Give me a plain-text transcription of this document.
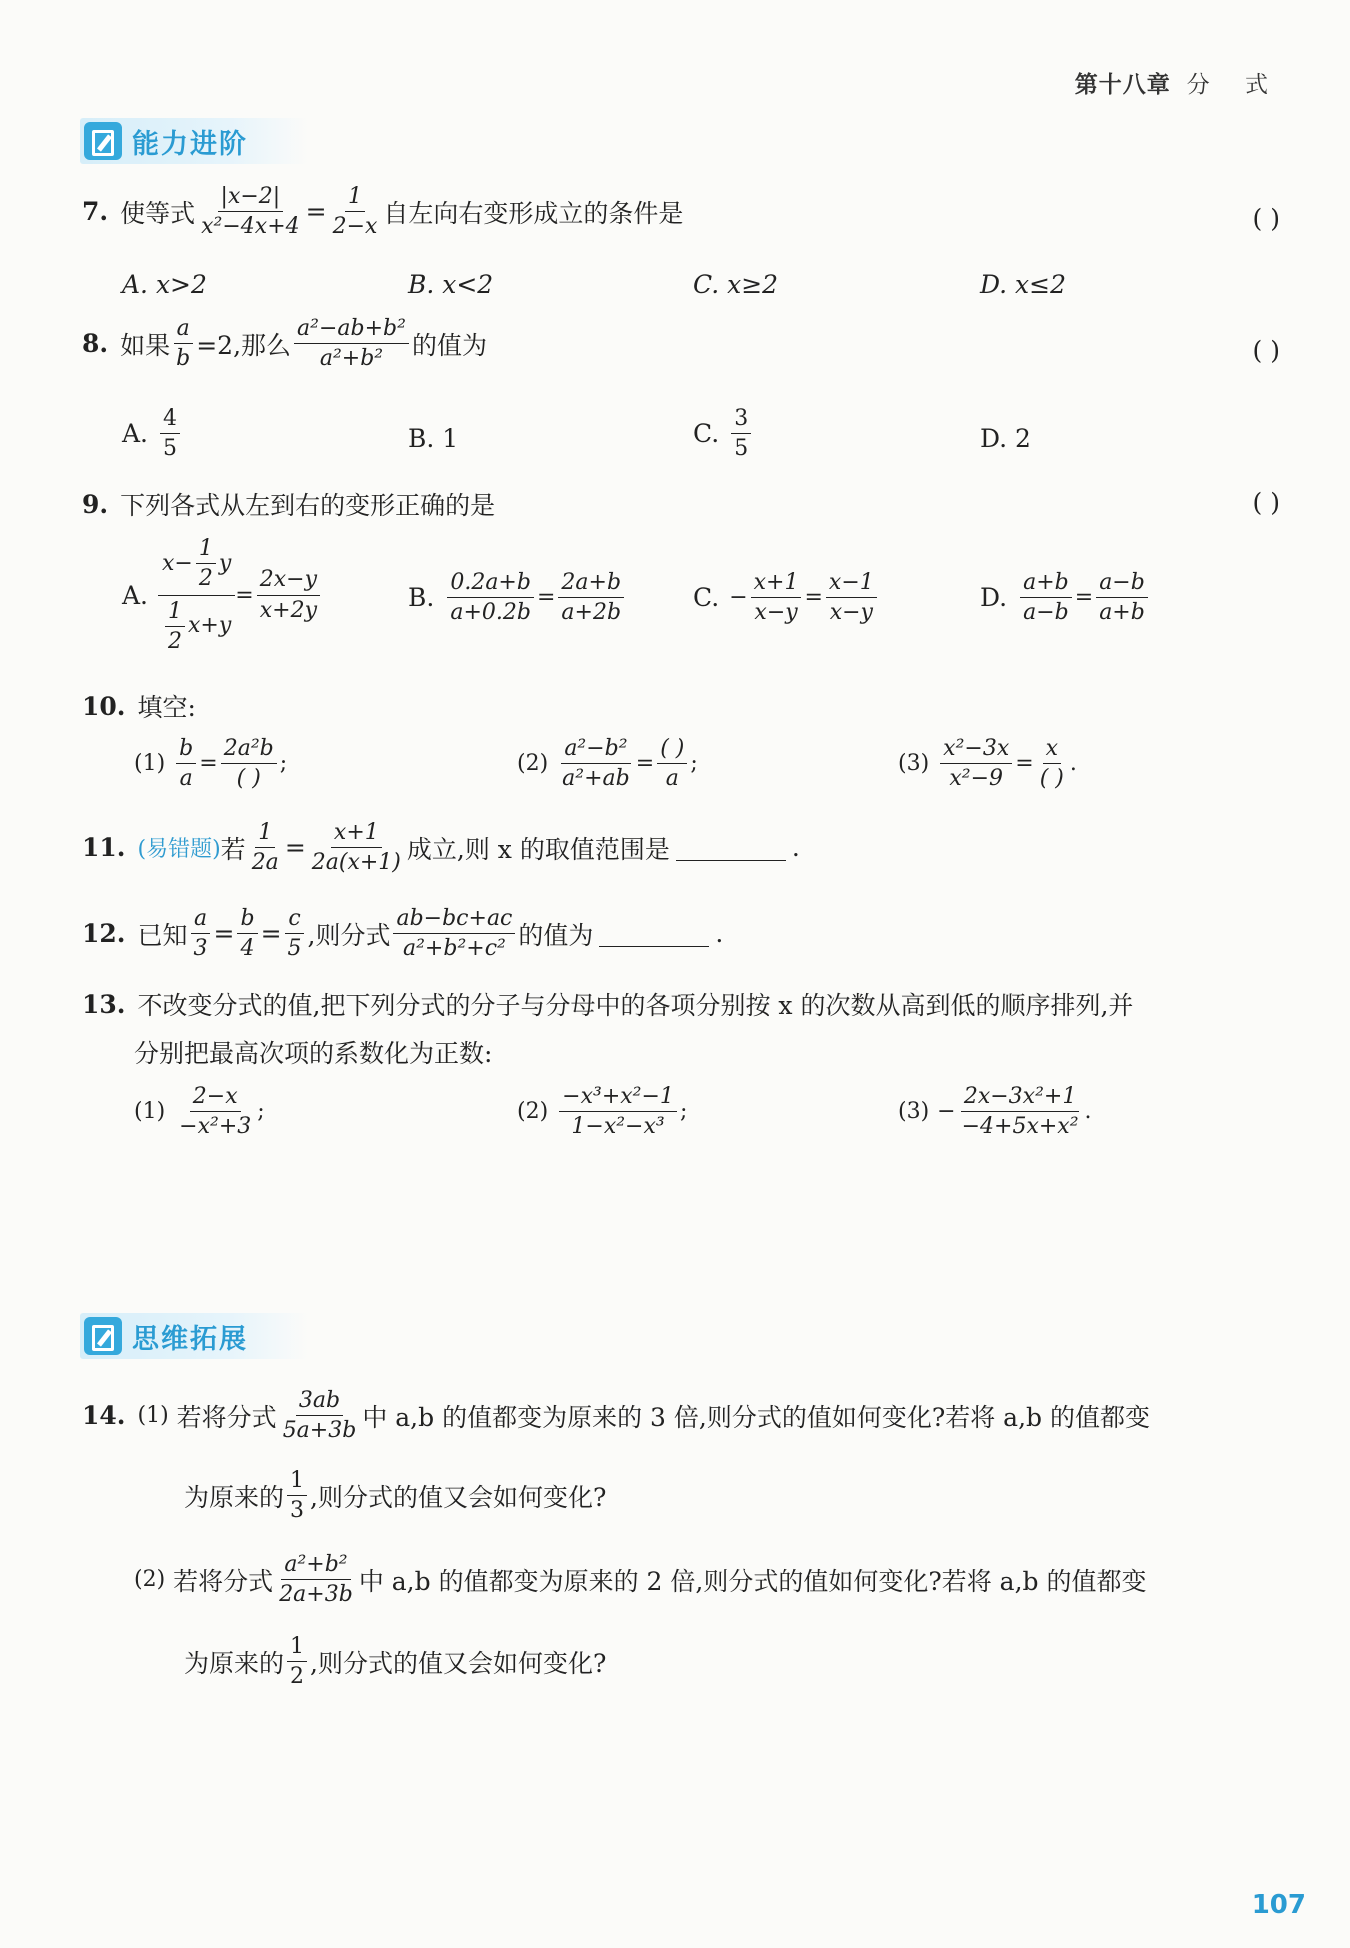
第十八章 分 式
能力进阶
7. 使等式 $\frac{|x-2|}{\text{x²−4x+4}} = \frac{1}{2-x}$ 自左向右变形成立的条件是	( )
A. x>2	B. x<2	C. x≥2	D. x≤2
8. 如果 $\frac{a}{b} =2$,那么 $\frac{\text{a²−ab+b²}}{\text{a²+b²}}$ 的值为	( )
A. $\frac{4}{5}$	B. 1	C. $\frac{3}{5}$	D. 2
9. 下列各式从左到右的变形正确的是	( )
A. $\frac{x- \frac{1}{2} y}{\frac{1}{2} x+y} = \frac{2x-y}{x+2y}$	B. $\frac{0.2a+b}{a+0.2b} = \frac{2a+b}{a+2b}$	C. − $\frac{x+1}{x-y} = \frac{x-1}{x-y}$	D. $\frac{a+b}{a-b} = \frac{a-b}{a+b}$
10. 填空:
$(1) \frac{b}{a} = \frac{\text{2a²b}}{( )}$ ;	$(2) \frac{\text{a²−b²}}{\text{a²+ab}} = \frac{( )}{a}$ ;	$(3) \frac{\text{x²−3x}}{\text{x²−9}} = \frac{x}{( )}$ .
11. (易错题) 若 $\frac{1}{2a} = \frac{x+1}{2a(x+1)}$ 成立,则 x 的取值范围是	.
12. 已知 $\frac{a}{3} = \frac{b}{4} = \frac{c}{5}$ ,则分式 $\frac{ab-bc+ac}{\text{a²+b²+c²}}$ 的值为	.
13. 不改变分式的值,把下列分式的分子与分母中的各项分别按 x 的次数从高到低的顺序排列,并
分别把最高次项的系数化为正数:
$(1) \frac{2-x}{\text{−x²+3}}$ ;	$(2) \frac{\text{−x³+x²−1}}{\text{1−x²−x³}}$ ;	$(3) - \frac{\text{2x−3x²+1}}{\text{−4+5x+x²}}$ .
思维拓展
14. (1) 若将分式 $\frac{3ab}{5a+3b}$ 中 a,b 的值都变为原来的 3 倍,则分式的值如何变化?若将 a,b 的值都变
为原来的 $\frac{1}{3}$ ,则分式的值又会如何变化?
(2) 若将分式 $\frac{\text{a²+b²}}{2a+3b}$ 中 a,b 的值都变为原来的 2 倍,则分式的值如何变化?若将 a,b 的值都变
为原来的 $\frac{1}{2}$ ,则分式的值又会如何变化?
107
